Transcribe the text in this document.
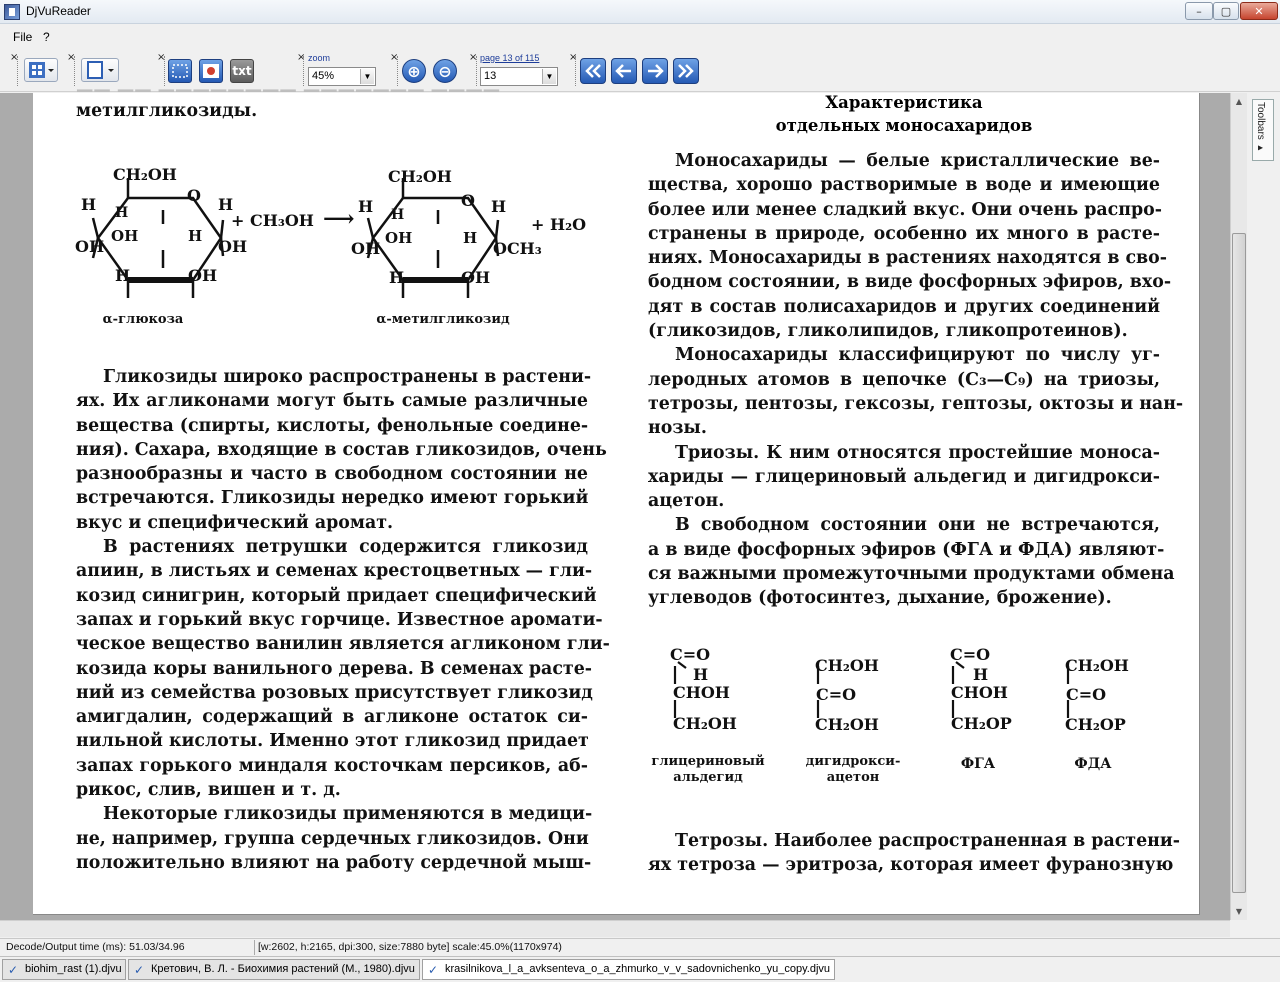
DjVuReader	–	▢	✕
File ?
×	×	×
txt
× zoom
45%	▼
×
⊕ ⊖
× page 13 of 115
13	▼
×

—— —— ———————— ——————— ————

метилгликозиды.

CH₂OH
O
H H	H
OH
OH	H
OH
H	OH
+ CH₃OH ⟶
CH₂OH
O
H H	H
OH
OH	H
OCH₃
H	OH
+ H₂O
α-глюкоза	α-метилгликозид

Гликозиды широко распространены в растени-

ях. Их агликонами могут быть самые различные

вещества (спирты, кислоты, фенольные соедине-

ния). Сахара, входящие в состав гликозидов, очень

разнообразны и часто в свободном состоянии не

встречаются. Гликозиды нередко имеют горький

вкус и специфический аромат.

В растениях петрушки содержится гликозид

апиин, в листьях и семенах крестоцветных — гли-

козид синигрин, который придает специфический

запах и горький вкус горчице. Известное аромати-

ческое вещество ванилин является агликоном гли-

козида коры ванильного дерева. В семенах расте-

ний из семейства розовых присутствует гликозид

амигдалин, содержащий в агликоне остаток си-

нильной кислоты. Именно этот гликозид придает

запах горького миндаля косточкам персиков, аб-

рикос, слив, вишен и т. д.

Некоторые гликозиды применяются в медици-

не, например, группа сердечных гликозидов. Они

положительно влияют на работу сердечной мыш-

Характеристика
отдельных моносахаридов

Моносахариды — белые кристаллические ве-

щества, хорошо растворимые в воде и имеющие

более или менее сладкий вкус. Они очень распро-

странены в природе, особенно их много в расте-

ниях. Моносахариды в растениях находятся в сво-

бодном состоянии, в виде фосфорных эфиров, вхо-

дят в состав полисахаридов и других соединений

(гликозидов, гликолипидов, гликопротеинов).

Моносахариды классифицируют по числу уг-

леродных атомов в цепочке (C₃—C₉) на триозы,

тетрозы, пентозы, гексозы, гептозы, октозы и нан-

нозы.

Триозы. К ним относятся простейшие моноса-

хариды — глицериновый альдегид и дигидрокси-

ацетон.

В свободном состоянии они не встречаются,

а в виде фосфорных эфиров (ФГА и ФДА) являют-

ся важными промежуточными продуктами обмена

углеводов (фотосинтез, дыхание, брожение).

C=O
H
CHOH
CH₂OH
CH₂OH
C=O
CH₂OH
C=O
H
CHOH
CH₂OP
CH₂OH
C=O
CH₂OP
глицериновый
альдегид
дигидрокси-
ацетон
ФГА	ФДА

Тетрозы. Наиболее распространенная в растени-

ях тетроза — эритроза, которая имеет фуранозную

▲
▼
Toolbars ▸
Decode/Output time (ms): 51.03/34.96	[w:2602, h:2165, dpi:300, size:7880 byte] scale:45.0%(1170x974)
✓ biohim_rast (1).djvu	✓ Кретович, В. Л. - Биохимия растений (М., 1980).djvu	✓ krasilnikova_l_a_avksenteva_o_a_zhmurko_v_v_sadovnichenko_yu_copy.djvu
